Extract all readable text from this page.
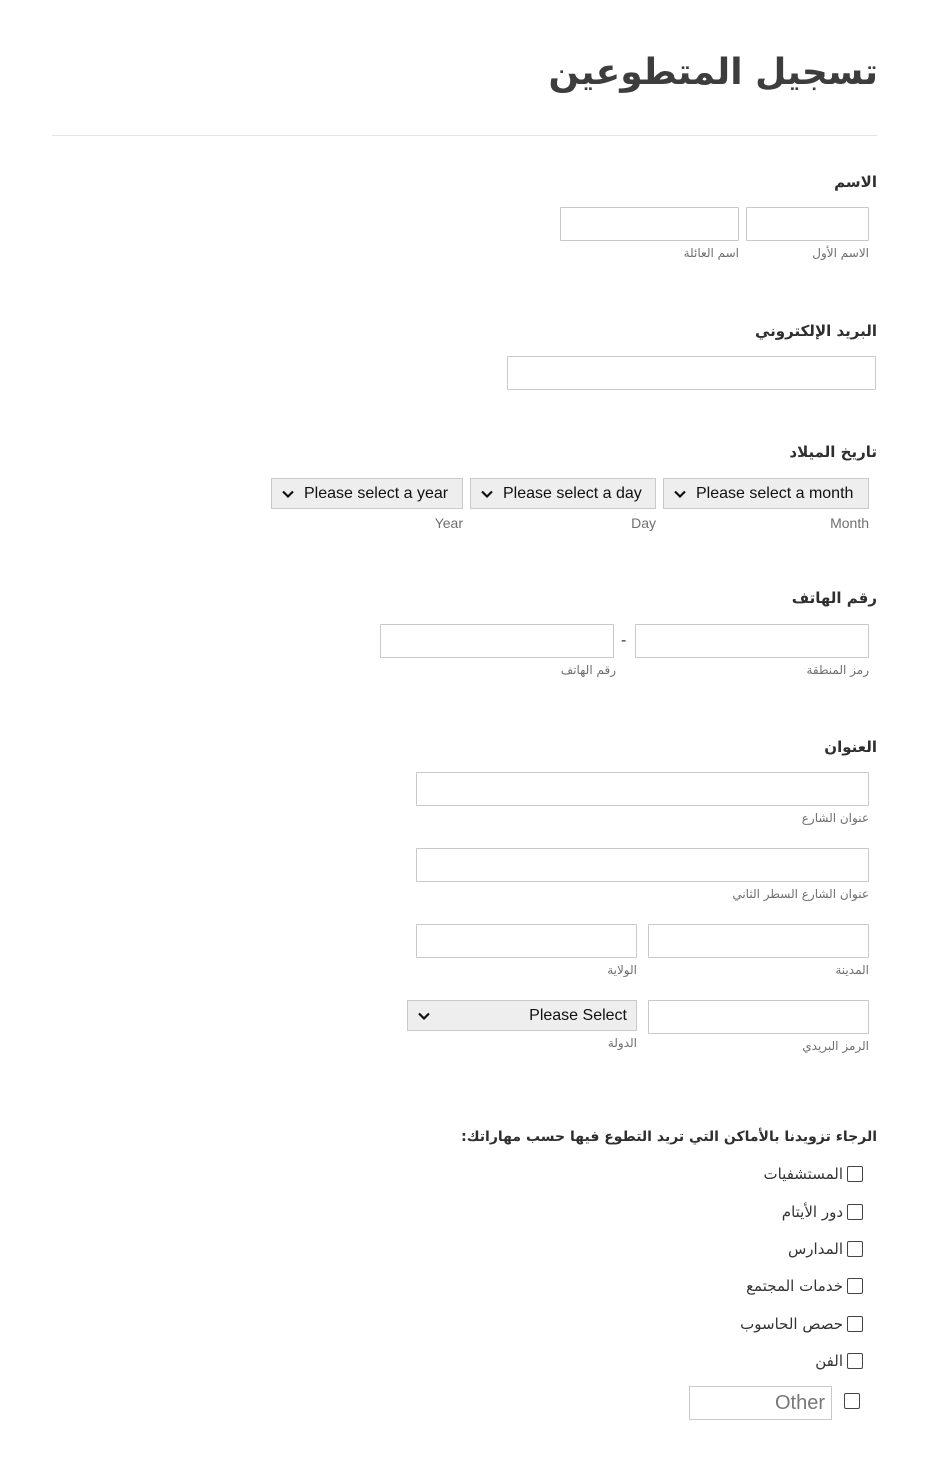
تسجيل المتطوعين
الاسم
الاسم الأول
اسم العائلة
البريد الإلكتروني
تاريخ الميلاد
Please select a month
Please select a day
Please select a year
Month
Day
Year
رقم الهاتف
-
رمز المنطقة
رقم الهاتف
العنوان
عنوان الشارع
عنوان الشارع السطر الثاني
المدينة
الولاية
Please Select
الرمز البريدي
الدولة
الرجاء تزويدنا بالأماكن التي تريد التطوع فيها حسب مهاراتك:
المستشفيات
دور الأيتام
المدارس
خدمات المجتمع
حصص الحاسوب
الفن
Other
